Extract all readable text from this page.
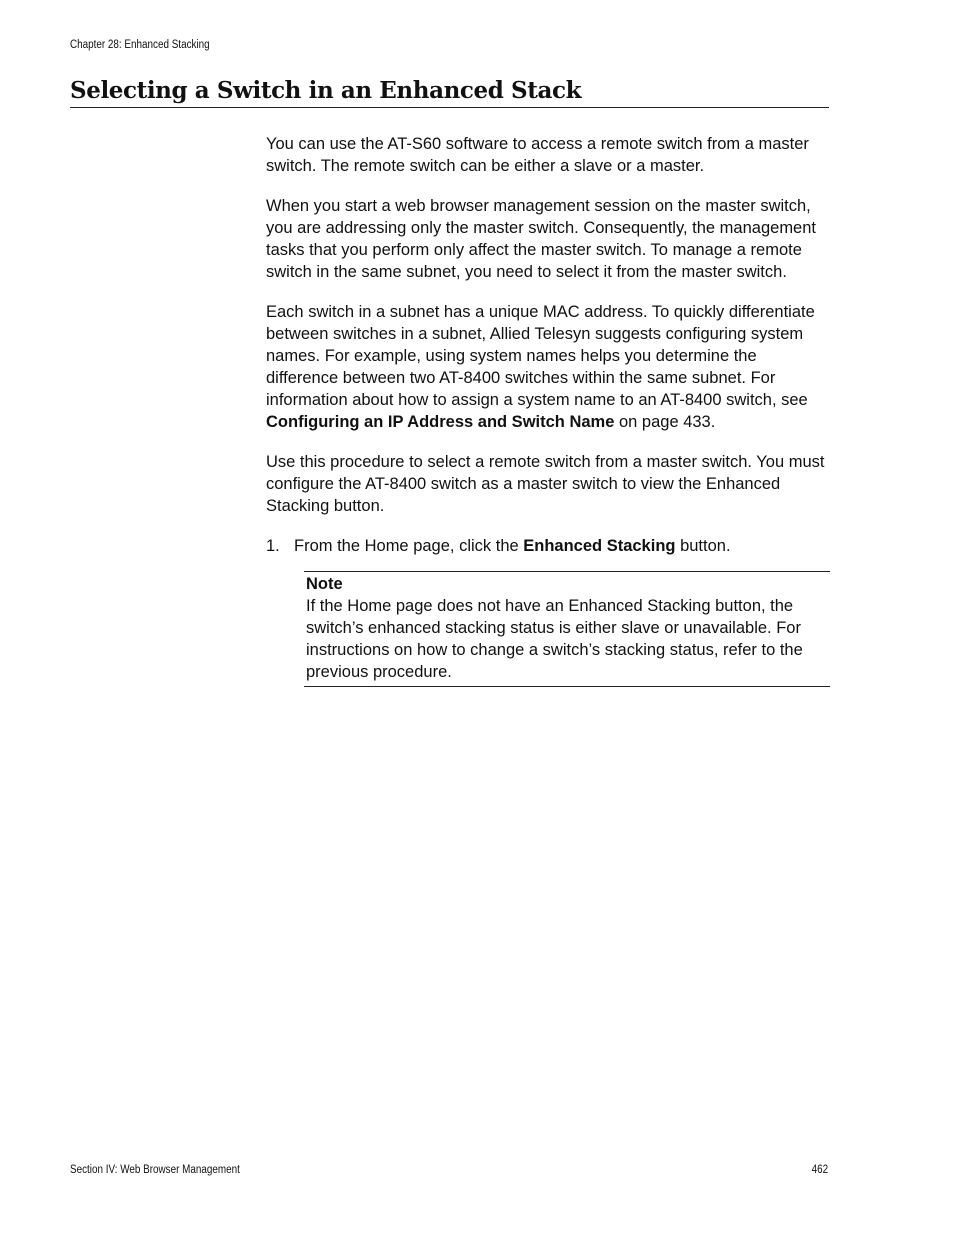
Chapter 28: Enhanced Stacking
Selecting a Switch in an Enhanced Stack

You can use the AT-S60 software to access a remote switch from a master switch. The remote switch can be either a slave or a master.

When you start a web browser management session on the master switch, you are addressing only the master switch. Consequently, the management tasks that you perform only affect the master switch. To manage a remote switch in the same subnet, you need to select it from the master switch.

Each switch in a subnet has a unique MAC address. To quickly differentiate between switches in a subnet, Allied Telesyn suggests configuring system names. For example, using system names helps you determine the difference between two AT-8400 switches within the same subnet. For information about how to assign a system name to an AT-8400 switch, see Configuring an IP Address and Switch Name on page 433.

Use this procedure to select a remote switch from a master switch. You must configure the AT-8400 switch as a master switch to view the Enhanced Stacking button.

1. From the Home page, click the Enhanced Stacking button.
Note
If the Home page does not have an Enhanced Stacking button, the switch’s enhanced stacking status is either slave or unavailable. For instructions on how to change a switch’s stacking status, refer to the previous procedure.
Section IV: Web Browser Management	462
